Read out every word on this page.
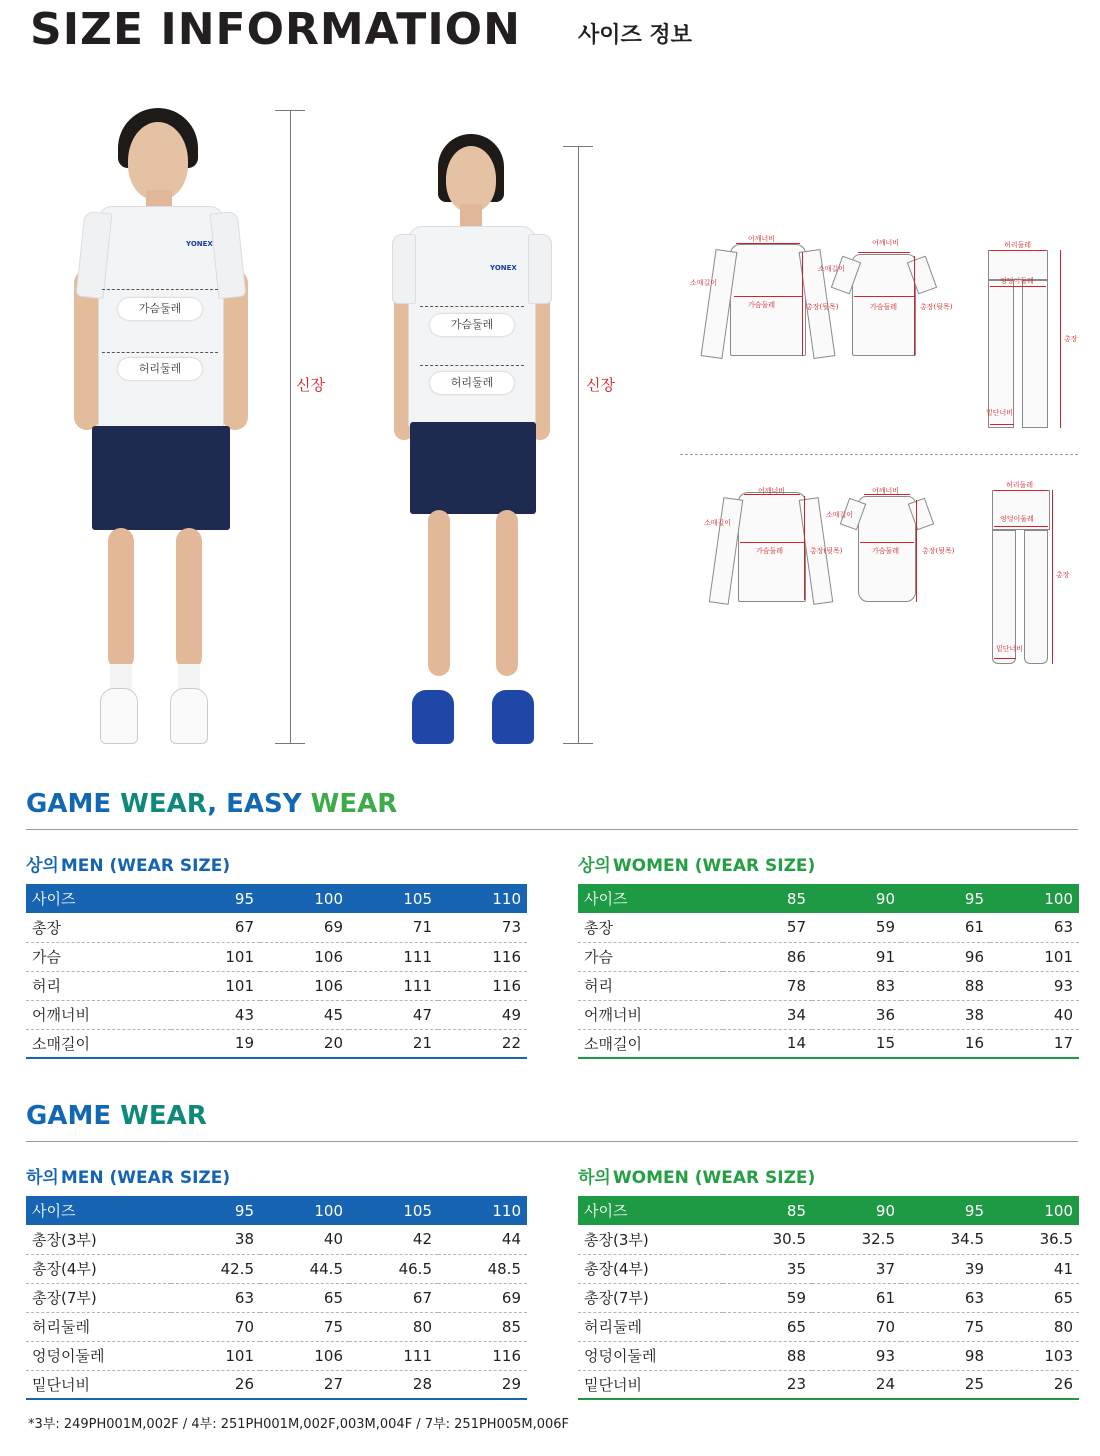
SIZE INFORMATION	사이즈 정보
YONEX
가슴둘레
허리둘레
신장
YONEX
가슴둘레
허리둘레	신장
어깨너비
소매길이
가슴둘레	총장(뒷목)
어깨너비
소매길이
가슴둘레	총장(뒷목)
허리둘레
엉덩이둘레
총장
밑단너비
어깨너비
소매길이
가슴둘레	총장(뒷목)
어깨너비
소매길이
가슴둘레	총장(뒷목)
허리둘레
엉덩이둘레
총장
밑단너비
GAME WEAR, EASY WEAR
상의 MEN (WEAR SIZE)
사이즈	95	100	105	110
총장	67	69	71	73
가슴	101	106	111	116
허리	101	106	111	116
어깨너비	43	45	47	49
소매길이	19	20	21	22
상의 WOMEN (WEAR SIZE)
사이즈	85	90	95	100
총장	57	59	61	63
가슴	86	91	96	101
허리	78	83	88	93
어깨너비	34	36	38	40
소매길이	14	15	16	17
GAME WEAR
하의 MEN (WEAR SIZE)
사이즈	95	100	105	110
총장(3부)	38	40	42	44
총장(4부)	42.5	44.5	46.5	48.5
총장(7부)	63	65	67	69
허리둘레	70	75	80	85
엉덩이둘레	101	106	111	116
밑단너비	26	27	28	29
하의 WOMEN (WEAR SIZE)
사이즈	85	90	95	100
총장(3부)	30.5	32.5	34.5	36.5
총장(4부)	35	37	39	41
총장(7부)	59	61	63	65
허리둘레	65	70	75	80
엉덩이둘레	88	93	98	103
밑단너비	23	24	25	26
*3부: 249PH001M,002F / 4부: 251PH001M,002F,003M,004F / 7부: 251PH005M,006F
